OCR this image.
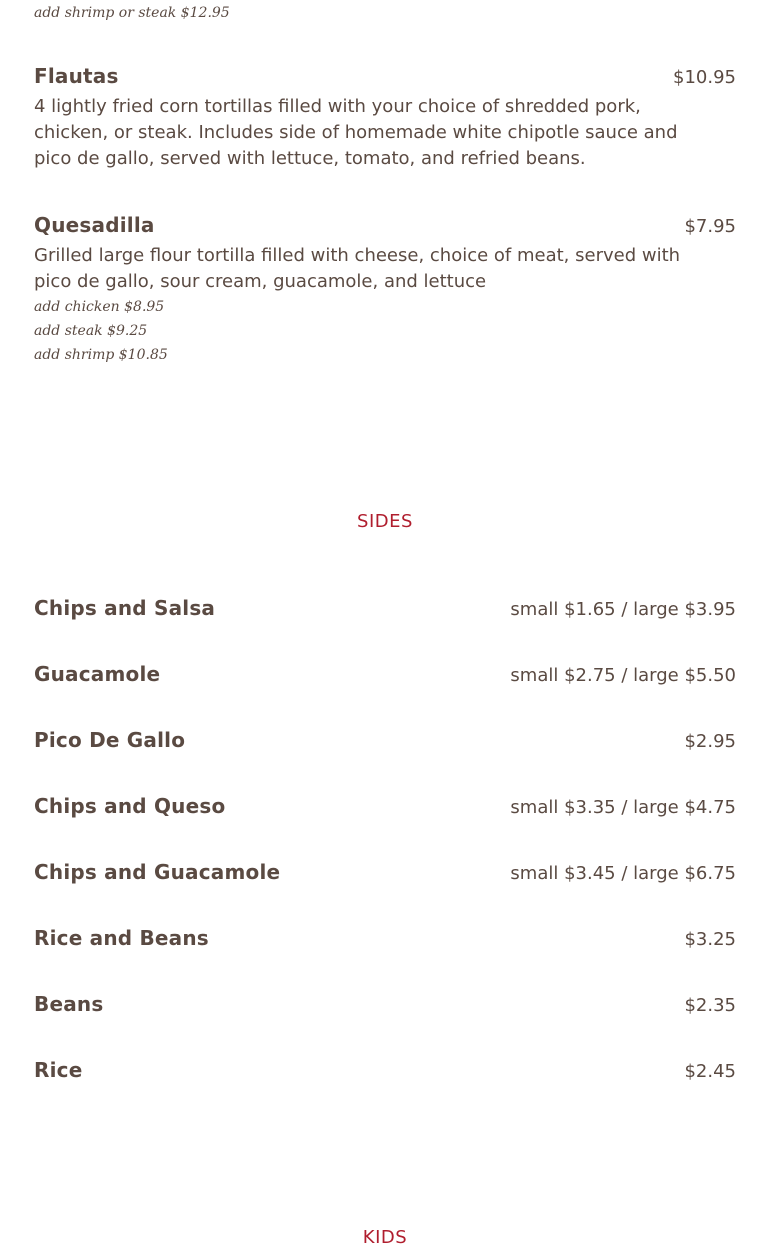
add shrimp or steak $12.95

Flautas	$10.95
4 lightly fried corn tortillas filled with your choice of shredded pork, chicken, or steak. Includes side of homemade white chipotle sauce and pico de gallo, served with lettuce, tomato, and refried beans.
Quesadilla	$7.95
Grilled large flour tortilla filled with cheese, choice of meat, served with pico de gallo, sour cream, guacamole, and lettuce

add chicken $8.95

add steak $9.25

add shrimp $10.85

SIDES
Chips and Salsa	small $1.65 / large $3.95
Guacamole	small $2.75 / large $5.50
Pico De Gallo	$2.95
Chips and Queso	small $3.35 / large $4.75
Chips and Guacamole	small $3.45 / large $6.75
Rice and Beans	$3.25
Beans	$2.35
Rice	$2.45
KIDS
